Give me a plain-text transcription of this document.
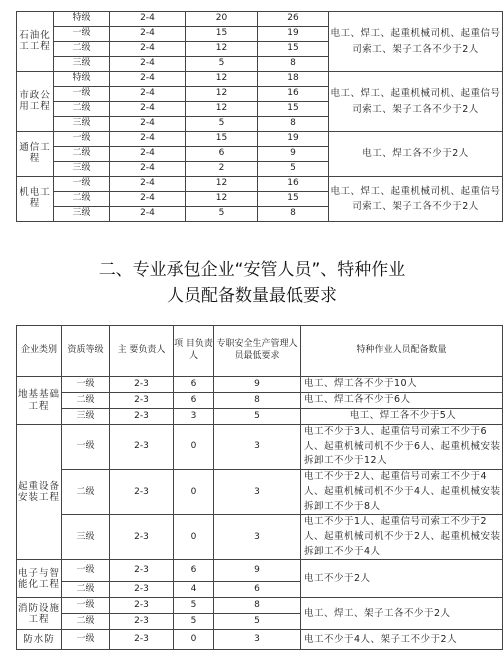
石油化工工程	特级	2-4	20	26	电工、焊工、起重机械司机、起重信号司索工、架子工各不少于2人
	一级	2-4	15	19	
	二级	2-4	12	15	
	三级	2-4	5	8	
市政公用工程	特级	2-4	12	18	电工、焊工、起重机械司机、起重信号司索工、架子工各不少于2人
	一级	2-4	12	16	
	二级	2-4	12	15	
	三级	2-4	5	8	
通信工程	一级	2-4	15	19	电工、焊工各不少于2人
	二级	2-4	6	9	
	三级	2-4	2	5	
机电工程	一级	2-4	12	16	电工、焊工、起重机械司机、起重信号司索工、架子工各不少于2人
	二级	2-4	12	15	
	三级	2-4	5	8	
二、专业承包企业“安管人员”、特种作业
人员配备数量最低要求
企业类别	资质等级	主 要负责人	项 目负责人	专职安全生产管理人员最低要求	特种作业人员配备数量
地基基础工程	一级	2-3	6	9	电工、焊工各不少于10人
	二级	2-3	6	8	电工、焊工各不少于6人
	三级	2-3	3	5	电工、焊工各不少于5人
起重设备安装工程	一级	2-3	0	3	电工不少于3人、起重信号司索工不少于6人、起重机械司机不少于6人、起重机械安装拆卸工不少于12人
	二级	2-3	0	3	电工不少于2人、起重信号司索工不少于4人、起重机械司机不少于4人、起重机械安装拆卸工不少于8人
	三级	2-3	0	3	电工不少于1人、起重信号司索工不少于2人、起重机械司机不少于2人、起重机械安装拆卸工不少于4人
电子与智能化工程	一级	2-3	6	9	电工不少于2人
	二级	2-3	4	6	
消防设施工程	一级	2-3	5	8	电工、焊工、架子工各不少于2人
	二级	2-3	5	5	
防水防	一级	2-3	0	3	电工不少于4人、架子工不少于2人
